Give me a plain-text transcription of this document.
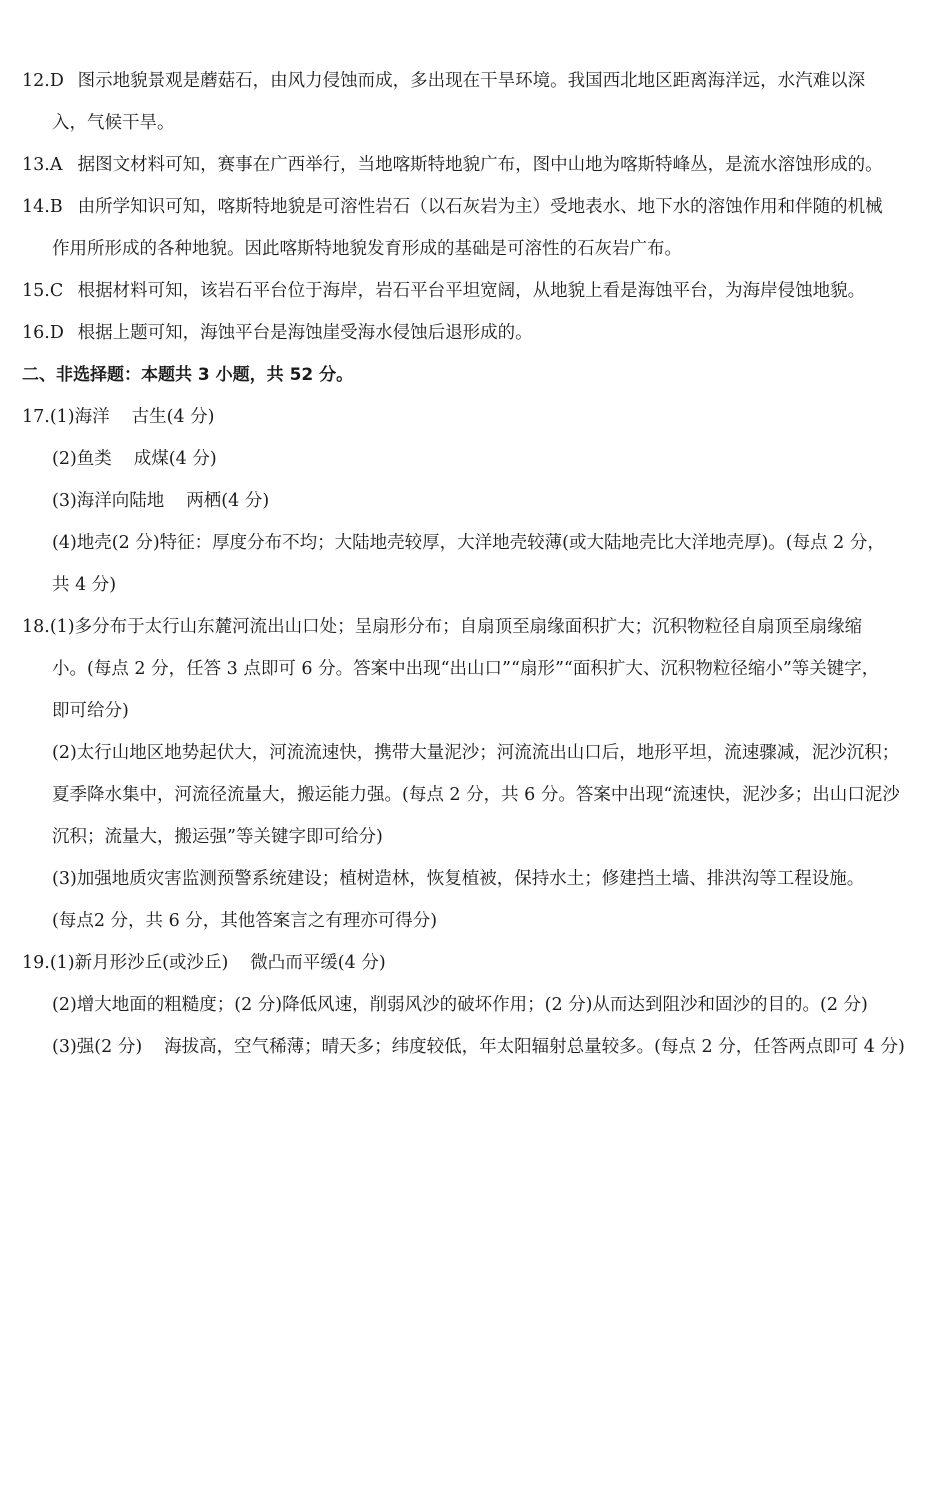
12.D 图示地貌景观是蘑菇石，由风力侵蚀而成，多出现在干旱环境。我国西北地区距离海洋远，水汽难以深
入，气候干旱。
13.A 据图文材料可知，赛事在广西举行，当地喀斯特地貌广布，图中山地为喀斯特峰丛，是流水溶蚀形成的。
14.B 由所学知识可知，喀斯特地貌是可溶性岩石（以石灰岩为主）受地表水、地下水的溶蚀作用和伴随的机械
作用所形成的各种地貌。因此喀斯特地貌发育形成的基础是可溶性的石灰岩广布。
15.C 根据材料可知，该岩石平台位于海岸，岩石平台平坦宽阔，从地貌上看是海蚀平台，为海岸侵蚀地貌。
16.D 根据上题可知，海蚀平台是海蚀崖受海水侵蚀后退形成的。
二、非选择题：本题共 3 小题，共 52 分。
17.(1)海洋 古生(4 分)
(2)鱼类 成煤(4 分)
(3)海洋向陆地 两栖(4 分)
(4)地壳(2 分)特征：厚度分布不均；大陆地壳较厚，大洋地壳较薄(或大陆地壳比大洋地壳厚)。(每点 2 分，
共 4 分)
18.(1)多分布于太行山东麓河流出山口处；呈扇形分布；自扇顶至扇缘面积扩大；沉积物粒径自扇顶至扇缘缩
小。(每点 2 分，任答 3 点即可 6 分。答案中出现“出山口”“扇形”“面积扩大、沉积物粒径缩小”等关键字，
即可给分)
(2)太行山地区地势起伏大，河流流速快，携带大量泥沙；河流流出山口后，地形平坦，流速骤减，泥沙沉积；
夏季降水集中，河流径流量大，搬运能力强。(每点 2 分，共 6 分。答案中出现“流速快，泥沙多；出山口泥沙
沉积；流量大，搬运强”等关键字即可给分)
(3)加强地质灾害监测预警系统建设；植树造林，恢复植被，保持水土；修建挡土墙、排洪沟等工程设施。
(每点2 分，共 6 分，其他答案言之有理亦可得分)
19.(1)新月形沙丘(或沙丘) 微凸而平缓(4 分)
(2)增大地面的粗糙度；(2 分)降低风速，削弱风沙的破坏作用；(2 分)从而达到阻沙和固沙的目的。(2 分)
(3)强(2 分) 海拔高，空气稀薄；晴天多；纬度较低，年太阳辐射总量较多。(每点 2 分，任答两点即可 4 分)
